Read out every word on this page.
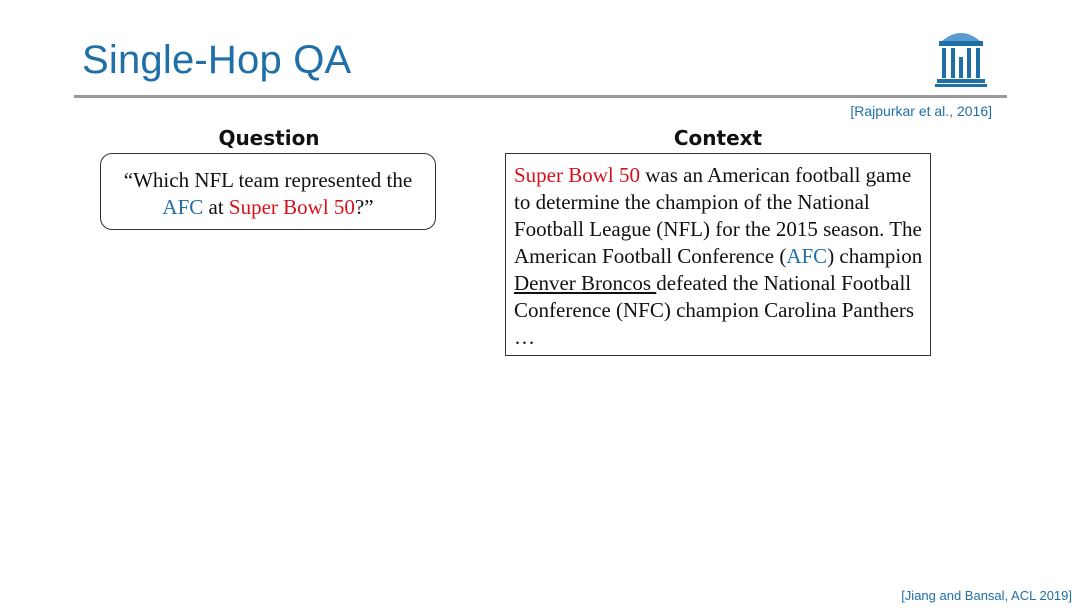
Single-Hop QA
[Rajpurkar et al., 2016]
Question	Context
“Which NFL team represented the
AFC at Super Bowl 50?”
Super Bowl 50 was an American football game to determine the champion of the National Football League (NFL) for the 2015 season. The American Football Conference (AFC) champion Denver Broncos defeated the National Football Conference (NFC) champion Carolina Panthers …
[Jiang and Bansal, ACL 2019]
